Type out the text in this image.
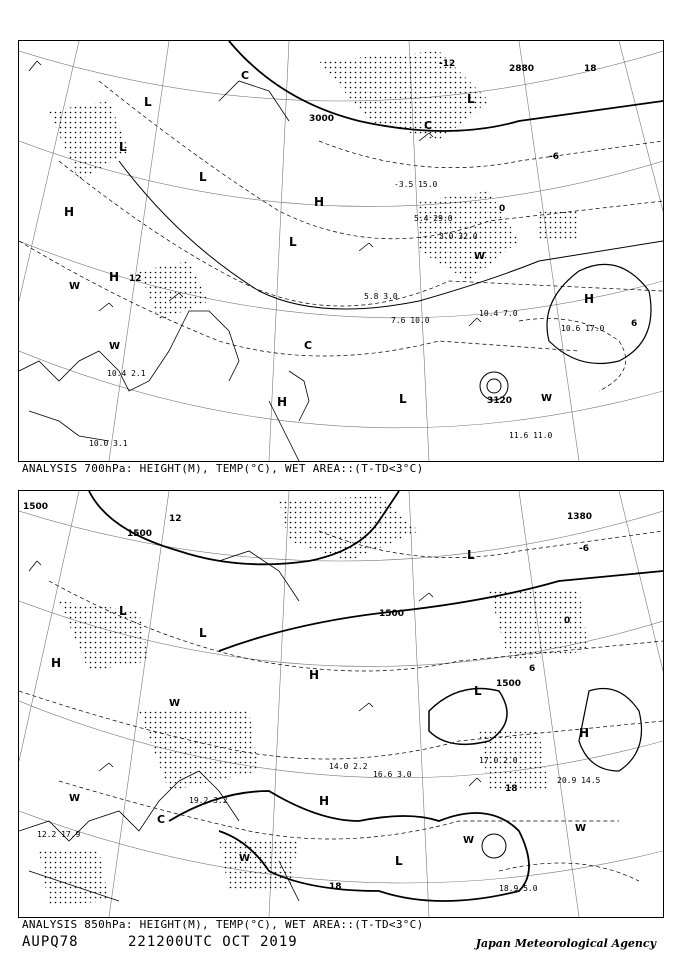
3000
3120
2880
12
18
-6
-12
6
0
H
H
H
H
H
L
L
L
L
L
L
C
C
C
W
W
W
W
10.4 7.0
10.6 17.0
11.6 11.0
10.0 3.1
10.4 2.1
5.8 3.0
7.6 10.0
3.0 32.0
5.4 29.0
-3.5 15.0
ANALYSIS 700hPa: HEIGHT(M), TEMP(°C), WET AREA::(T-TD<3°C)
1500
1500
1500
1500
1380
18
18
12
6
0
-6
H
H
H
H
L
L
L
L
L
C
W
W
W
W
W
20.9 14.5
17.0 2.0
18.9 5.0
19.2 3.2
14.0 2.2
16.6 3.0
12.2 17.9
ANALYSIS 850hPa: HEIGHT(M), TEMP(°C), WET AREA::(T-TD<3°C)
AUPQ78	221200UTC OCT 2019	Japan Meteorological Agency
